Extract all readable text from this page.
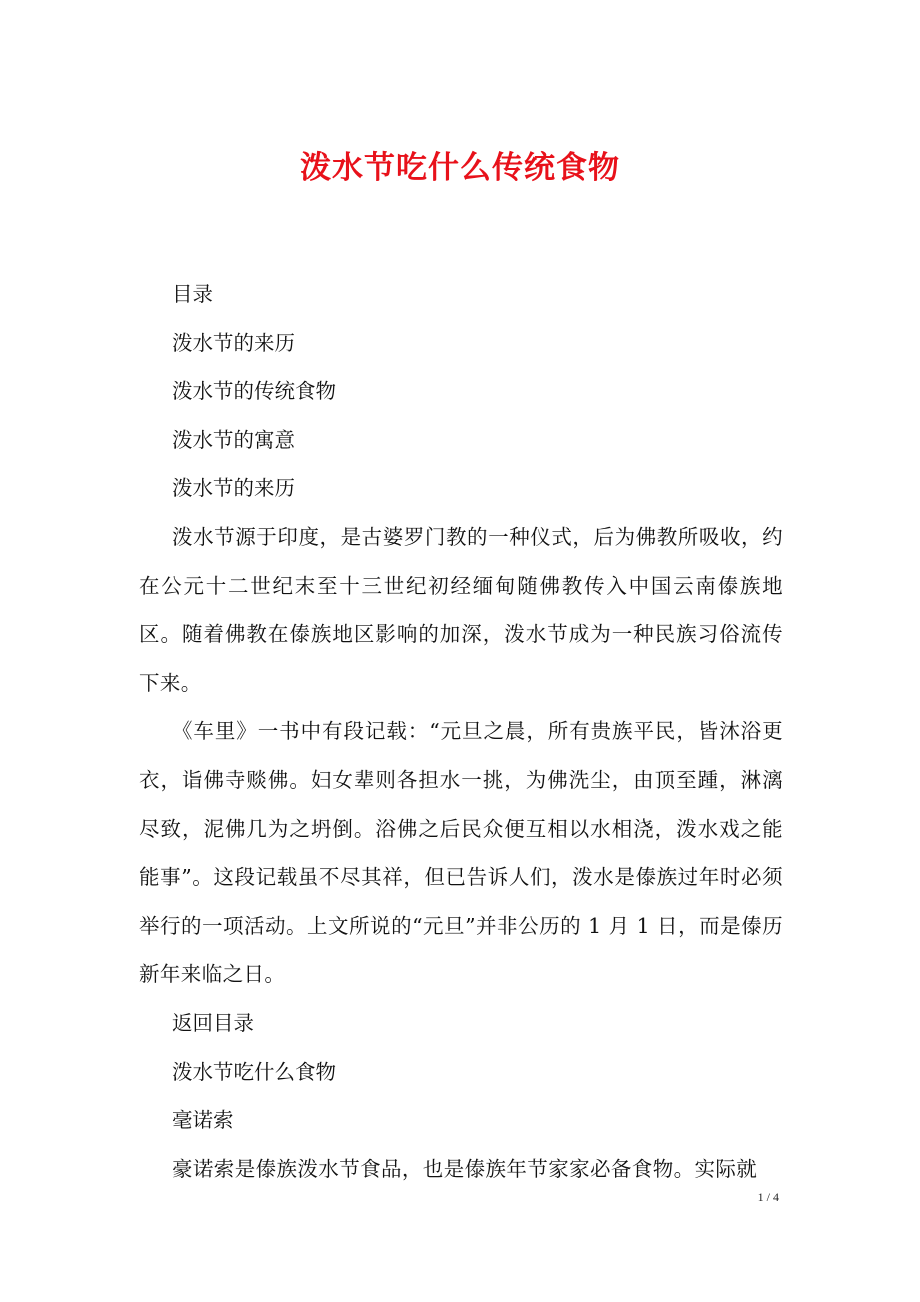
泼水节吃什么传统食物
目录
泼水节的来历
泼水节的传统食物
泼水节的寓意
泼水节的来历
泼水节源于印度，是古婆罗门教的一种仪式，后为佛教所吸收，约在公元十二世纪末至十三世纪初经缅甸随佛教传入中国云南傣族地区。随着佛教在傣族地区影响的加深，泼水节成为一种民族习俗流传下来。
《车里》一书中有段记载：“元旦之晨，所有贵族平民，皆沐浴更衣，诣佛寺赕佛。妇女辈则各担水一挑，为佛洗尘，由顶至踵，淋漓尽致，泥佛几为之坍倒。浴佛之后民众便互相以水相浇，泼水戏之能能事”。这段记载虽不尽其祥，但已告诉人们，泼水是傣族过年时必须举行的一项活动。上文所说的“元旦”并非公历的 1 月 1 日，而是傣历新年来临之日。
返回目录
泼水节吃什么食物
毫诺索
豪诺索是傣族泼水节食品，也是傣族年节家家必备食物。实际就
1 / 4
